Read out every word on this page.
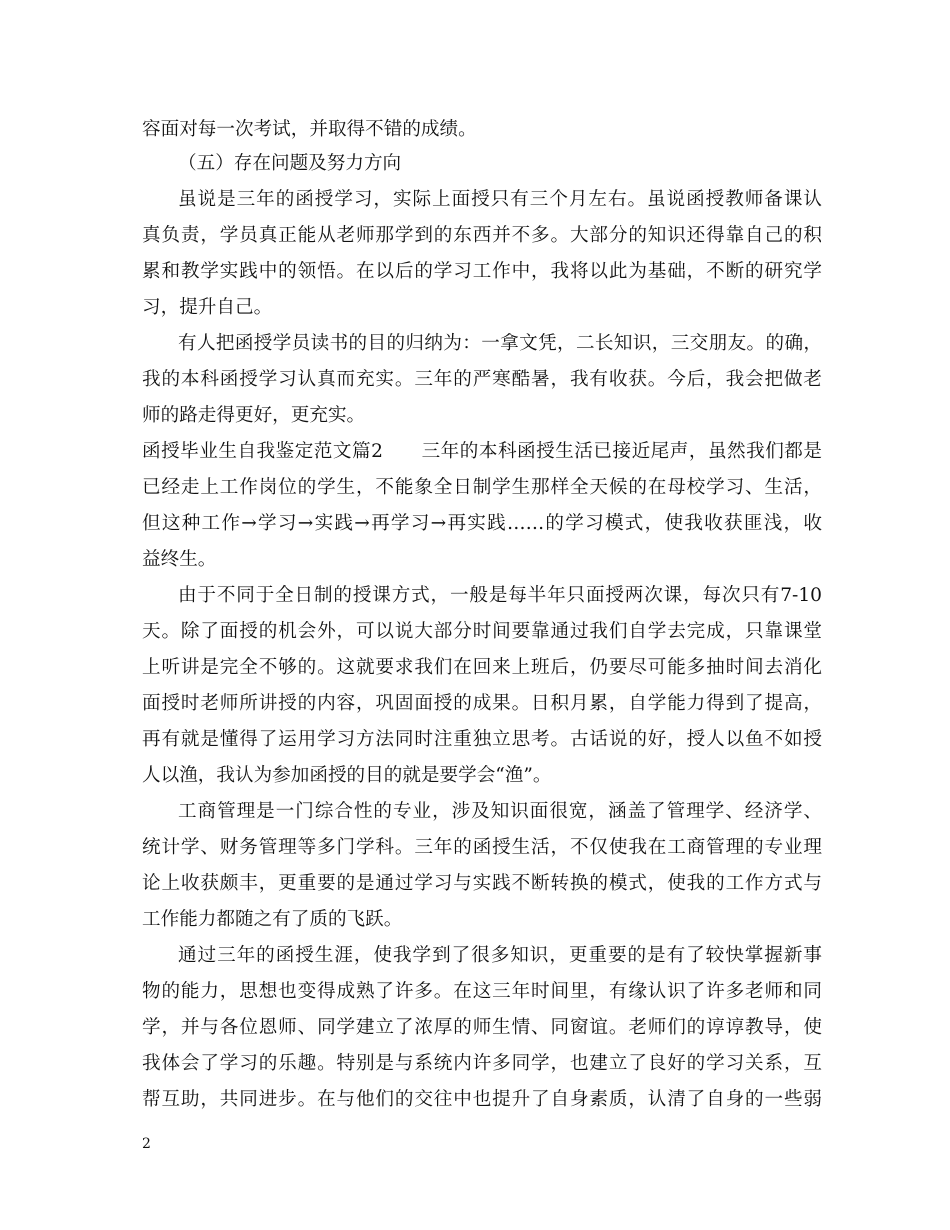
容面对每一次考试，并取得不错的成绩。
（五）存在问题及努力方向
虽说是三年的函授学习，实际上面授只有三个月左右。虽说函授教师备课认
真负责，学员真正能从老师那学到的东西并不多。大部分的知识还得靠自己的积
累和教学实践中的领悟。在以后的学习工作中，我将以此为基础，不断的研究学
习，提升自己。
有人把函授学员读书的目的归纳为：一拿文凭，二长知识，三交朋友。的确，
我的本科函授学习认真而充实。三年的严寒酷暑，我有收获。今后，我会把做老
师的路走得更好，更充实。
函授毕业生自我鉴定范文篇2　　三年的本科函授生活已接近尾声，虽然我们都是
已经走上工作岗位的学生，不能象全日制学生那样全天候的在母校学习、生活，
但这种工作→学习→实践→再学习→再实践……的学习模式，使我收获匪浅，收
益终生。
由于不同于全日制的授课方式，一般是每半年只面授两次课，每次只有7-10
天。除了面授的机会外，可以说大部分时间要靠通过我们自学去完成，只靠课堂
上听讲是完全不够的。这就要求我们在回来上班后，仍要尽可能多抽时间去消化
面授时老师所讲授的内容，巩固面授的成果。日积月累，自学能力得到了提高，
再有就是懂得了运用学习方法同时注重独立思考。古话说的好，授人以鱼不如授
人以渔，我认为参加函授的目的就是要学会“渔”。
工商管理是一门综合性的专业，涉及知识面很宽，涵盖了管理学、经济学、
统计学、财务管理等多门学科。三年的函授生活，不仅使我在工商管理的专业理
论上收获颇丰，更重要的是通过学习与实践不断转换的模式，使我的工作方式与
工作能力都随之有了质的飞跃。
通过三年的函授生涯，使我学到了很多知识，更重要的是有了较快掌握新事
物的能力，思想也变得成熟了许多。在这三年时间里，有缘认识了许多老师和同
学，并与各位恩师、同学建立了浓厚的师生情、同窗谊。老师们的谆谆教导，使
我体会了学习的乐趣。特别是与系统内许多同学，也建立了良好的学习关系，互
帮互助，共同进步。在与他们的交往中也提升了自身素质，认清了自身的一些弱
2
